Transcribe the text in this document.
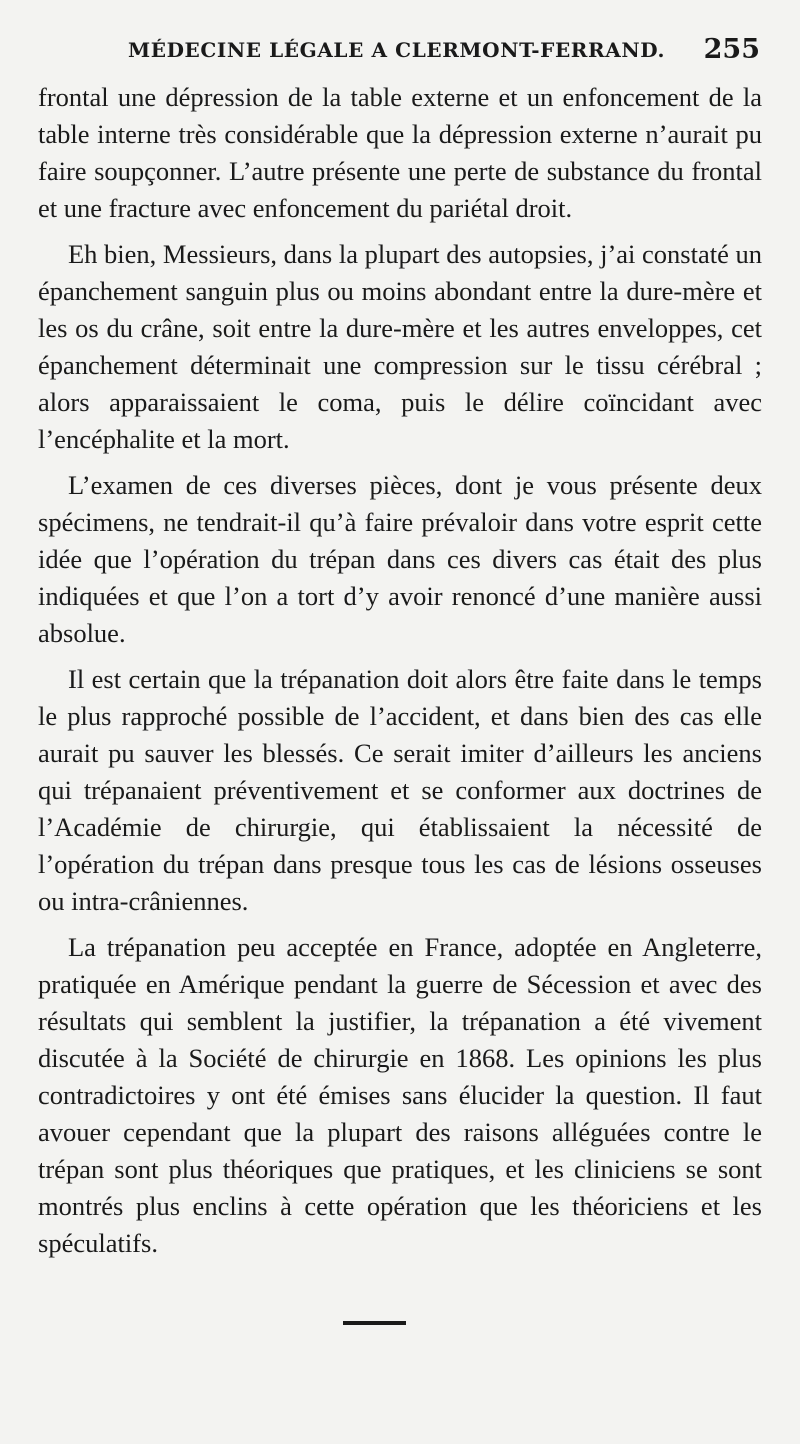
MÉDECINE LÉGALE A CLERMONT-FERRAND. 255

frontal une dépression de la table externe et un enfoncement de la table interne très considérable que la dépression externe n’aurait pu faire soupçonner. L’autre présente une perte de substance du frontal et une fracture avec enfoncement du pariétal droit.

Eh bien, Messieurs, dans la plupart des autopsies, j’ai constaté un épanchement sanguin plus ou moins abondant entre la dure-mère et les os du crâne, soit entre la dure-mère et les autres enveloppes, cet épanchement déterminait une compression sur le tissu cérébral ; alors apparaissaient le coma, puis le délire coïncidant avec l’encéphalite et la mort.

L’examen de ces diverses pièces, dont je vous présente deux spécimens, ne tendrait-il qu’à faire prévaloir dans votre esprit cette idée que l’opération du trépan dans ces divers cas était des plus indiquées et que l’on a tort d’y avoir renoncé d’une manière aussi absolue.

Il est certain que la trépanation doit alors être faite dans le temps le plus rapproché possible de l’accident, et dans bien des cas elle aurait pu sauver les blessés. Ce serait imiter d’ailleurs les anciens qui trépanaient préventivement et se conformer aux doctrines de l’Académie de chirurgie, qui établissaient la nécessité de l’opération du trépan dans presque tous les cas de lésions osseuses ou intra-crâniennes.

La trépanation peu acceptée en France, adoptée en Angleterre, pratiquée en Amérique pendant la guerre de Sécession et avec des résultats qui semblent la justifier, la trépanation a été vivement discutée à la Société de chirurgie en 1868. Les opinions les plus contradictoires y ont été émises sans élucider la question. Il faut avouer cependant que la plupart des raisons alléguées contre le trépan sont plus théoriques que pratiques, et les cliniciens se sont montrés plus enclins à cette opération que les théoriciens et les spéculatifs.
